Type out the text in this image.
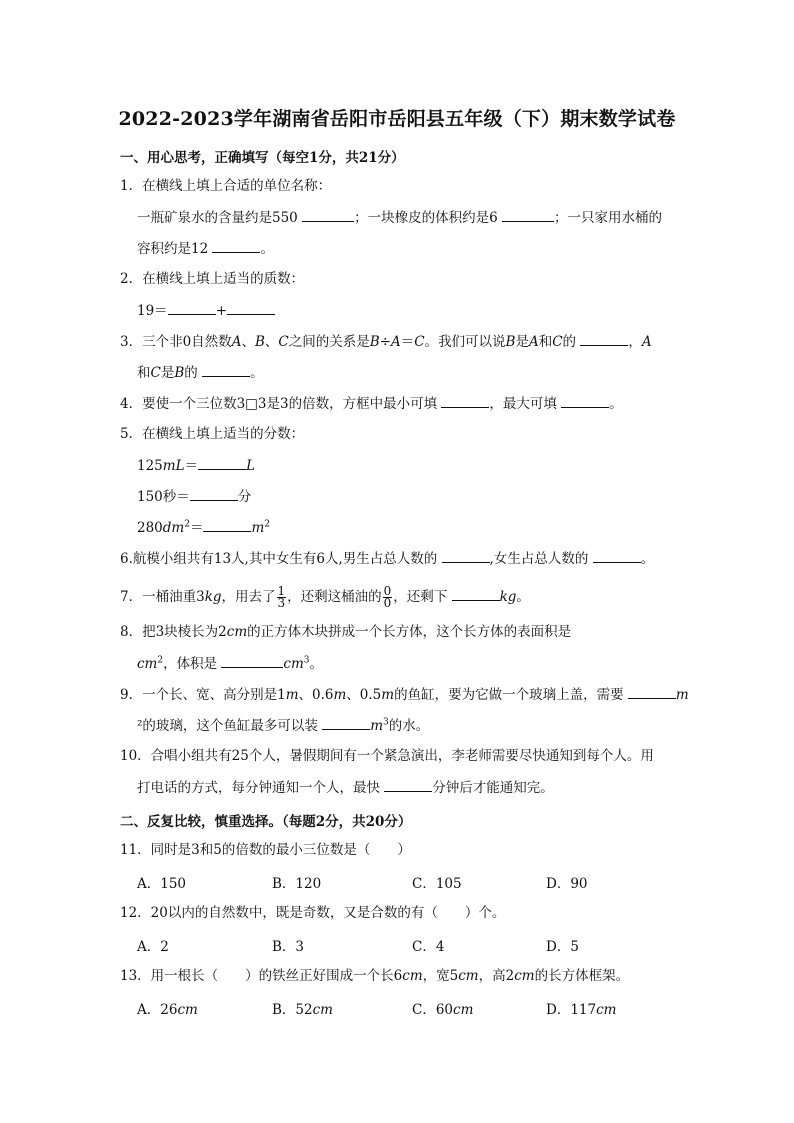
2022-2023学年湖南省岳阳市岳阳县五年级（下）期末数学试卷
一、用心思考，正确填写（每空1分，共21分）
1．在横线上填上合适的单位名称：
一瓶矿泉水的含量约是550	；一块橡皮的体积约是6	；一只家用水桶的
容积约是12	。
2．在横线上填上适当的质数：
19＝	+
3．三个非0自然数A、B、C之间的关系是B÷A＝C。我们可以说B是A和C的	，A
和C是B的	。
4．要使一个三位数3□3是3的倍数，方框中最小可填	，最大可填	。
5．在横线上填上适当的分数：
125mL＝	L
150秒＝	分
$280dm^2=$	$m^2$
6.航模小组共有13人,其中女生有6人,男生占总人数的	,女生占总人数的	。
7．一桶油重3kg，用去了 $\frac{1}{3}$ ，还剩这桶油的 $\frac{0}{0}$ ，还剩下	kg。
8．把3块棱长为2cm的正方体木块拼成一个长方体，这个长方体的表面积是
$cm^2$，体积是	$cm^3$。
9．一个长、宽、高分别是1m、0.6m、0.5m的鱼缸，要为它做一个玻璃上盖，需要	m
²的玻璃，这个鱼缸最多可以装	$m^3$的水。
10．合唱小组共有25个人，暑假期间有一个紧急演出，李老师需要尽快通知到每个人。用
打电话的方式，每分钟通知一个人，最快	分钟后才能通知完。
二、反复比较，慎重选择。（每题2分，共20分）
11．同时是3和5的倍数的最小三位数是（　　）
A．150	B．120	C．105	D．90
12．20以内的自然数中，既是奇数，又是合数的有（　　）个。
A．2	B．3	C．4	D．5
13．用一根长（　　）的铁丝正好围成一个长6cm，宽5cm，高2cm的长方体框架。
A．26cm	B．52cm	C．60cm	D．117cm
